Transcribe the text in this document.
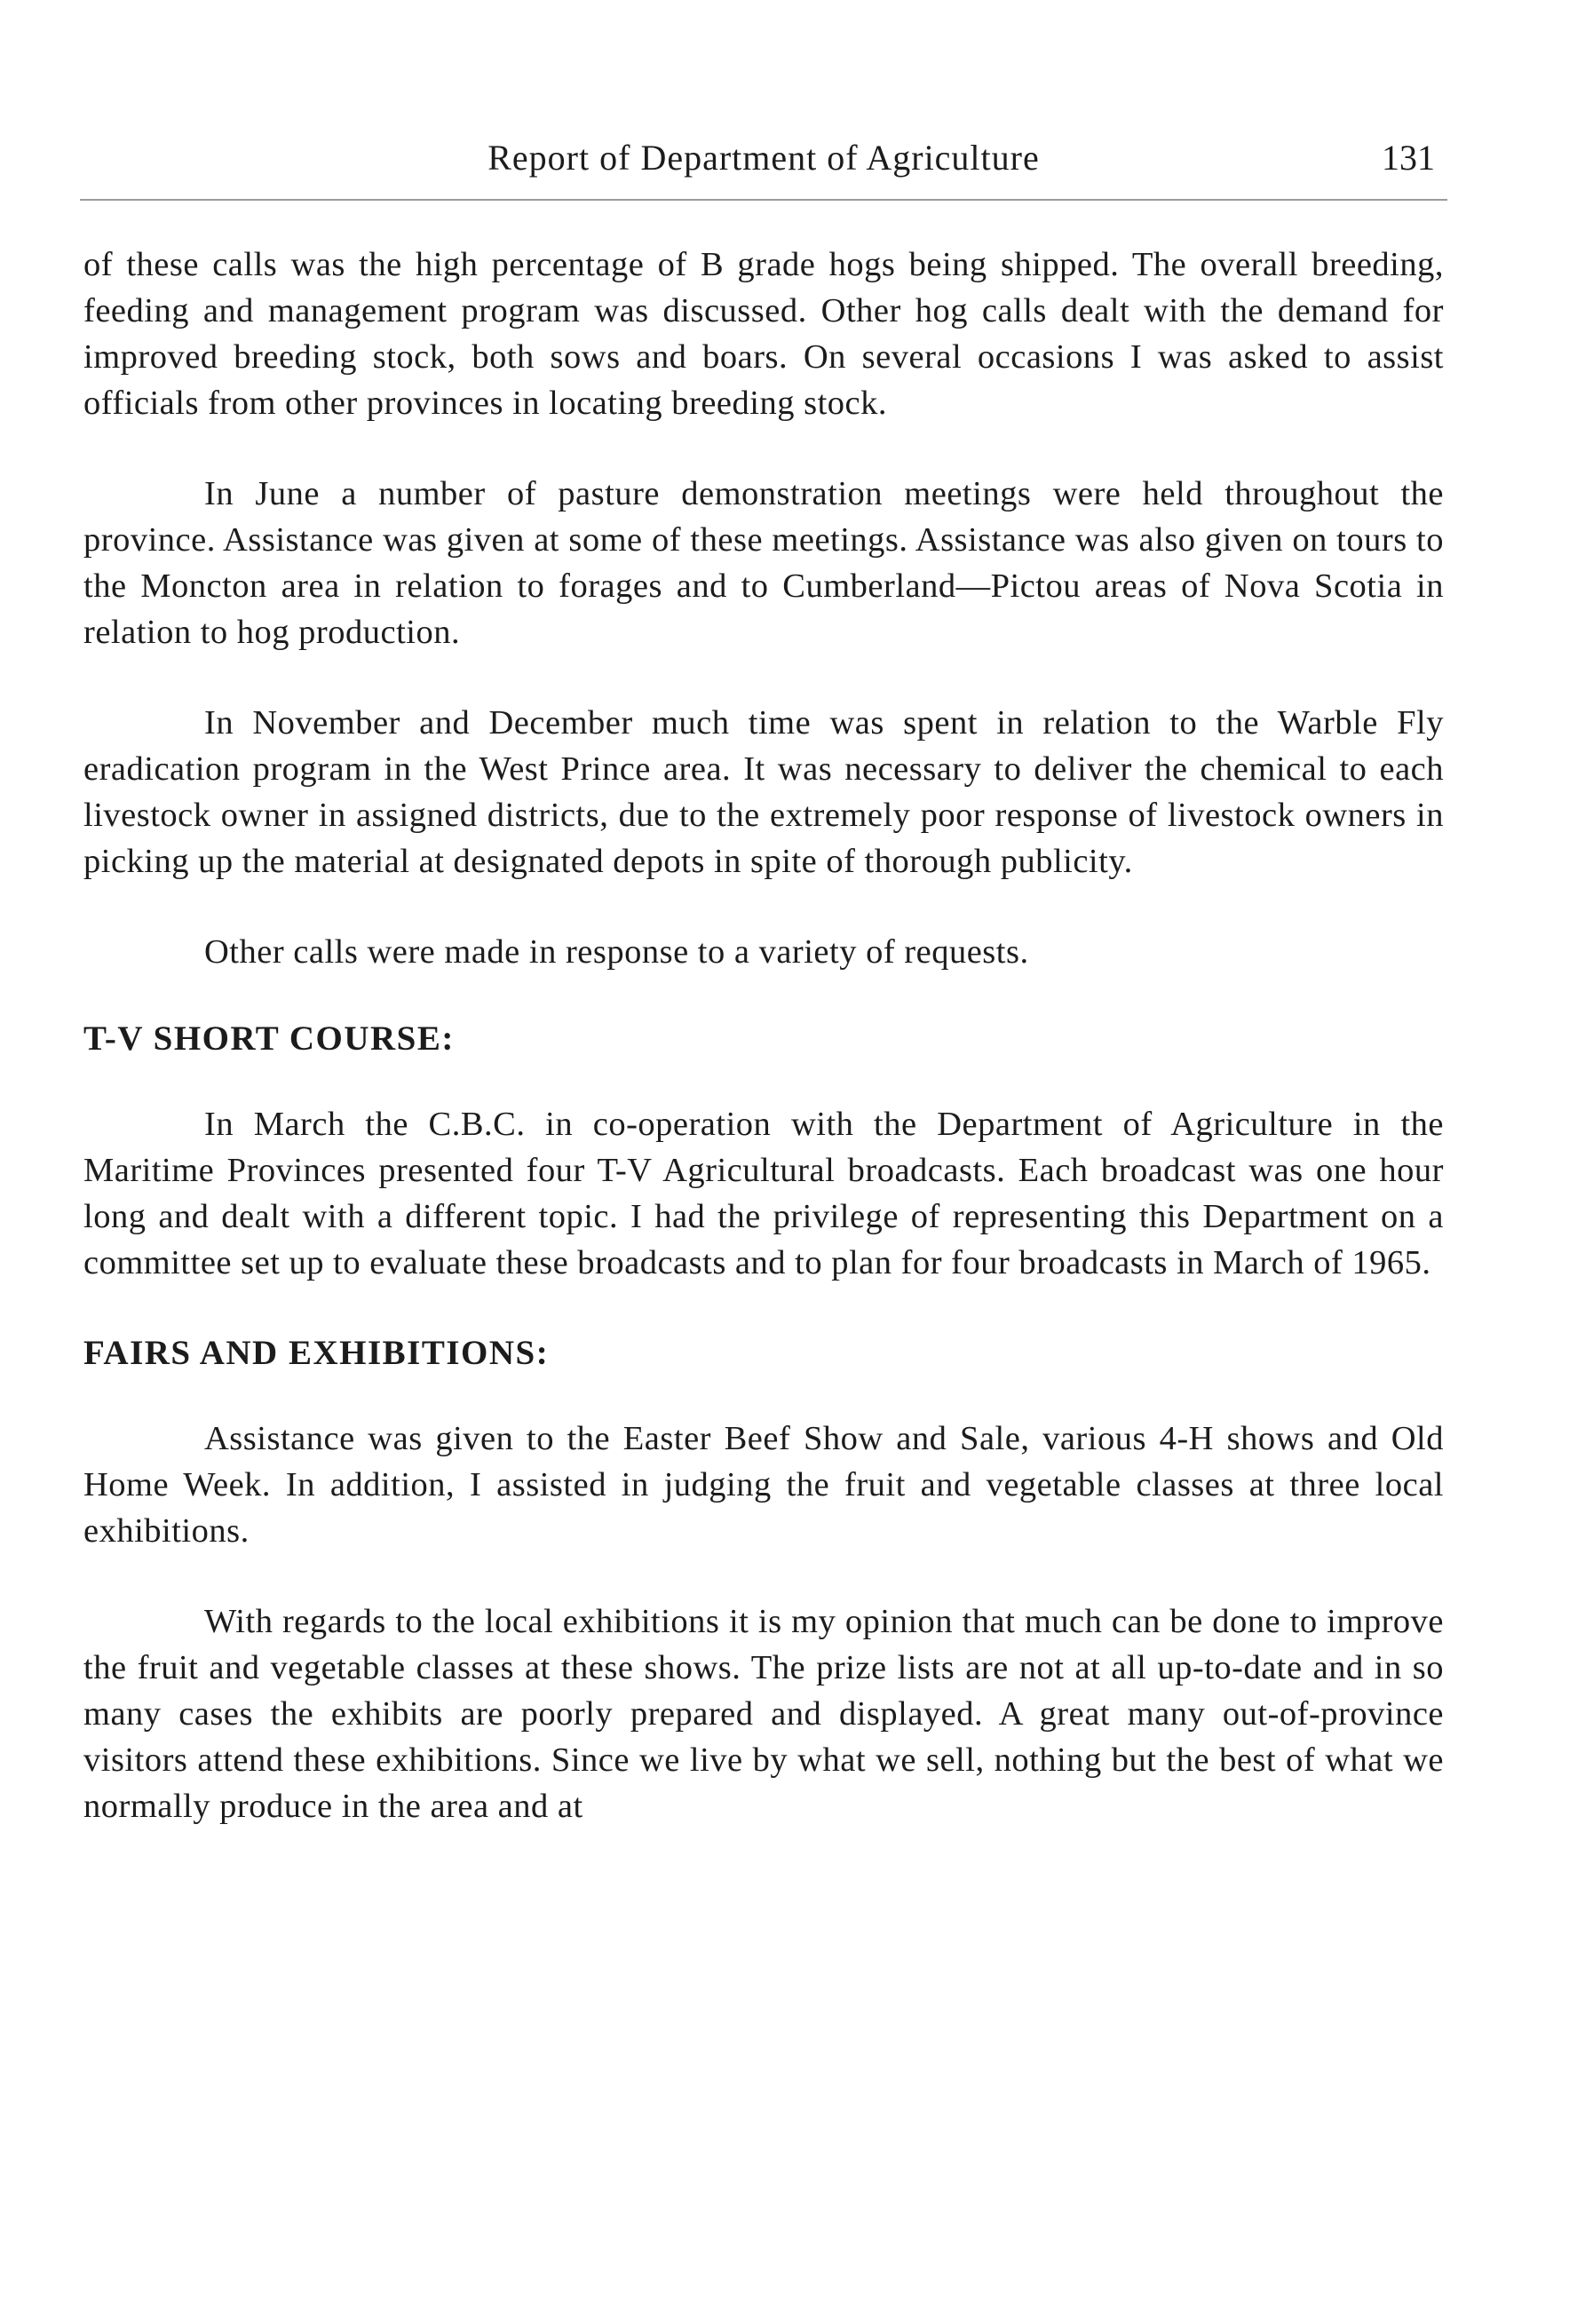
Report of Department of Agriculture	131

of these calls was the high percentage of B grade hogs being shipped. The overall breeding, feeding and management program was discussed. Other hog calls dealt with the demand for improved breeding stock, both sows and boars. On several occasions I was asked to assist officials from other provinces in locating breeding stock.

In June a number of pasture demonstration meetings were held throughout the province. Assistance was given at some of these meetings. Assistance was also given on tours to the Moncton area in relation to forages and to Cumberland—Pictou areas of Nova Scotia in relation to hog production.

In November and December much time was spent in relation to the Warble Fly eradication program in the West Prince area. It was necessary to deliver the chemical to each livestock owner in assigned districts, due to the extremely poor response of livestock owners in picking up the material at designated depots in spite of thorough publicity.

Other calls were made in response to a variety of requests.

T-V SHORT COURSE:

In March the C.B.C. in co-operation with the Department of Agriculture in the Maritime Provinces presented four T-V Agricultural broadcasts. Each broadcast was one hour long and dealt with a different topic. I had the privilege of representing this Department on a committee set up to evaluate these broadcasts and to plan for four broadcasts in March of 1965.

FAIRS AND EXHIBITIONS:

Assistance was given to the Easter Beef Show and Sale, various 4-H shows and Old Home Week. In addition, I assisted in judging the fruit and vegetable classes at three local exhibitions.

With regards to the local exhibitions it is my opinion that much can be done to improve the fruit and vegetable classes at these shows. The prize lists are not at all up-to-date and in so many cases the exhibits are poorly prepared and displayed. A great many out-of-province visitors attend these exhibitions. Since we live by what we sell, nothing but the best of what we normally produce in the area and at
